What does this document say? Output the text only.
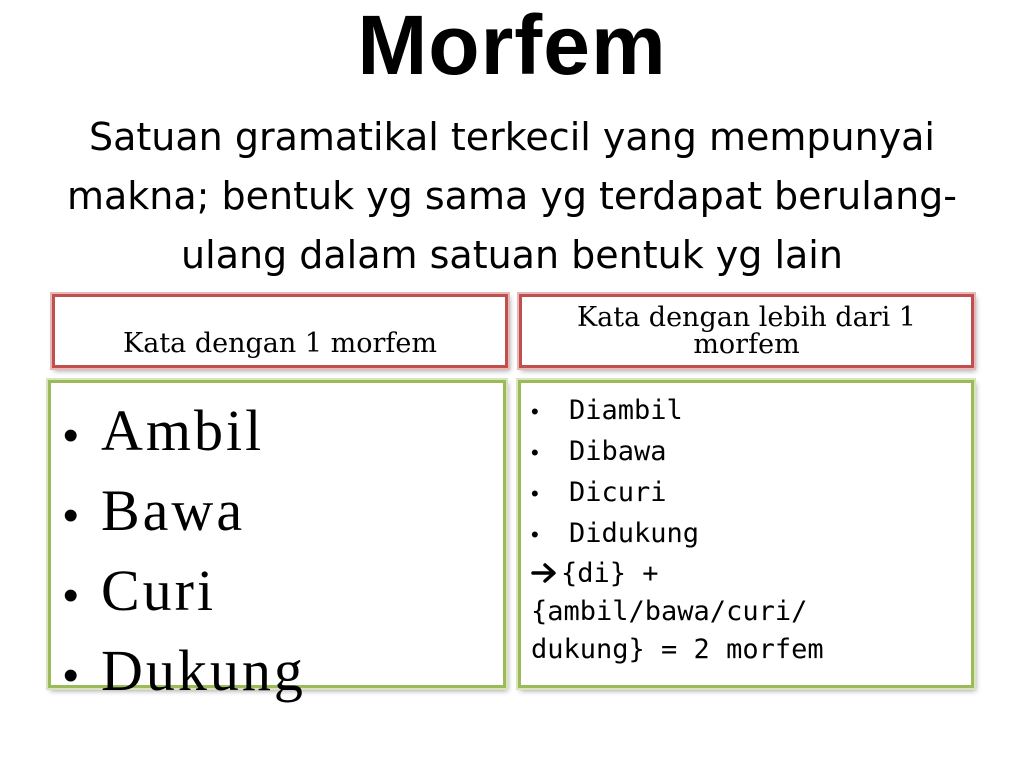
Morfem
Satuan gramatikal terkecil yang mempunyai makna; bentuk yg sama yg terdapat berulang-ulang dalam satuan bentuk yg lain
Kata dengan 1 morfem
Kata dengan lebih dari 1 morfem
• Ambil
• Bawa
• Curi
• Dukung
•	Diambil
•	Dibawa
•	Dicuri
•	Didukung
{di} +
{ambil/bawa/curi/
dukung} = 2 morfem
